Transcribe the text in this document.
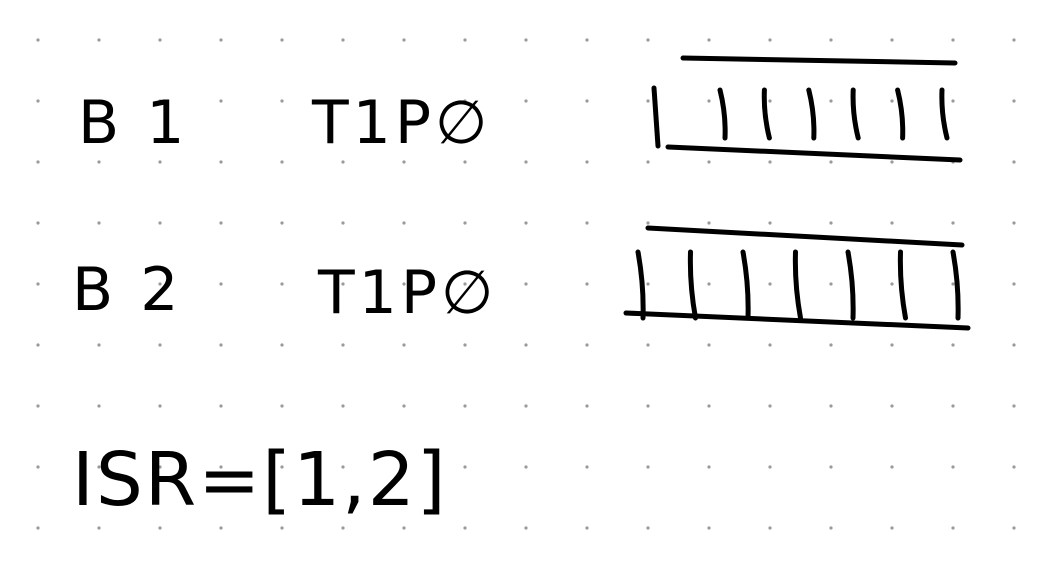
B 1 T1P∅
B 2 T1P∅
ISR=[1,2]
